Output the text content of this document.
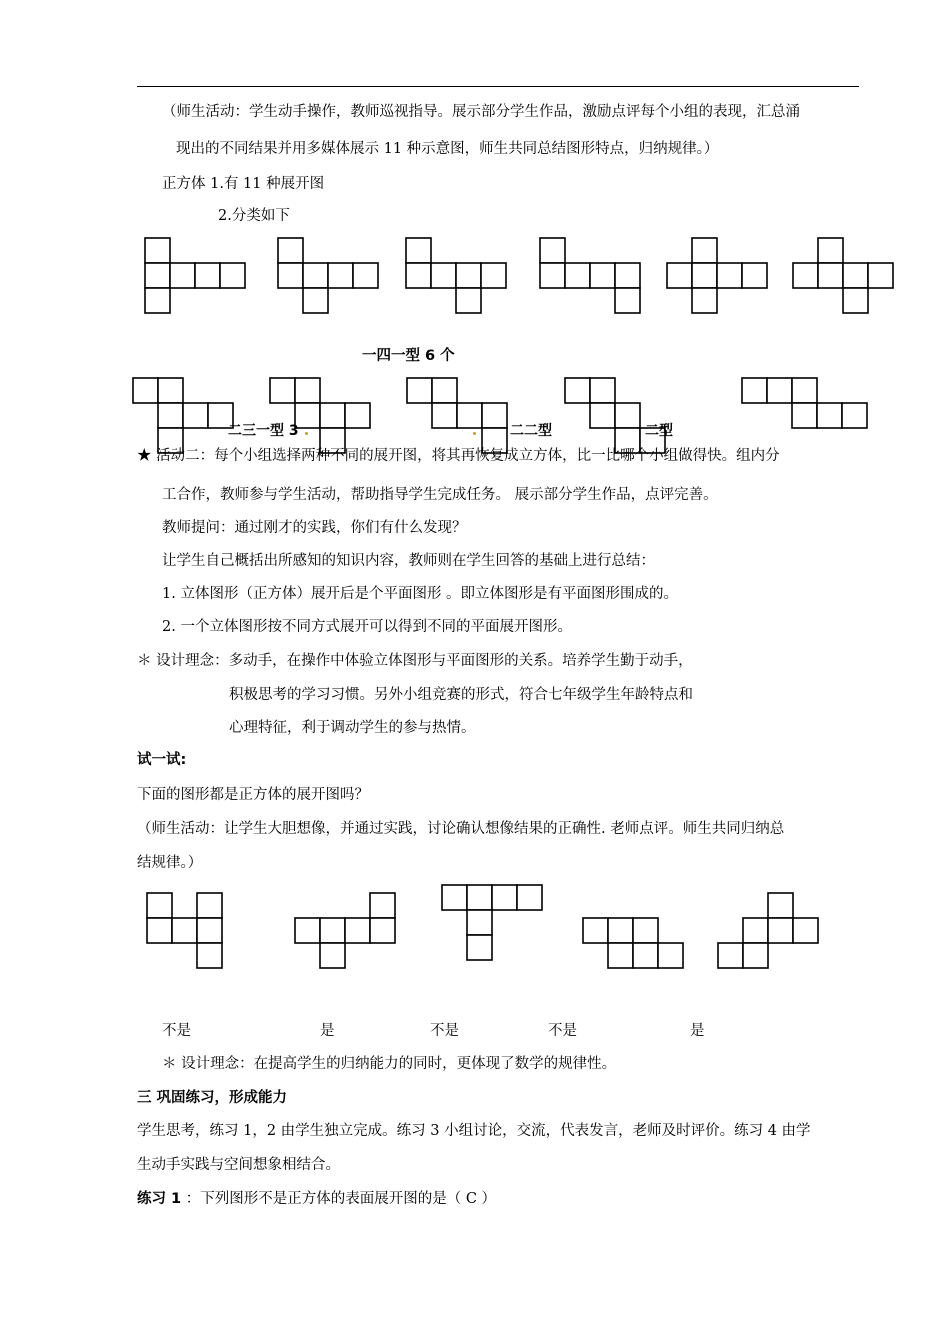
（师生活动：学生动手操作，教师巡视指导。展示部分学生作品，激励点评每个小组的表现，汇总涌
现出的不同结果并用多媒体展示 11 种示意图，师生共同总结图形特点，归纳规律。）
正方体 1.有 11 种展开图
2.分类如下
一四一型 6 个
二三一型 3	二二型	二型
★ 活动二：每个小组选择两种不同的展开图，将其再恢复成立方体，比一比哪个小组做得快。组内分
工合作，教师参与学生活动，帮助指导学生完成任务。 展示部分学生作品，点评完善。
教师提问：通过刚才的实践，你们有什么发现？
让学生自己概括出所感知的知识内容，教师则在学生回答的基础上进行总结：
1. 立体图形（正方体）展开后是个平面图形 。即立体图形是有平面图形围成的。
2. 一个立体图形按不同方式展开可以得到不同的平面展开图形。
＊ 设计理念：多动手，在操作中体验立体图形与平面图形的关系。培养学生勤于动手，
积极思考的学习习惯。另外小组竞赛的形式，符合七年级学生年龄特点和
心理特征，利于调动学生的参与热情。
试一试:
下面的图形都是正方体的展开图吗？
（师生活动：让学生大胆想像，并通过实践，讨论确认想像结果的正确性. 老师点评。师生共同归纳总
结规律。）
不是	是	不是	不是	是
＊ 设计理念：在提高学生的归纳能力的同时，更体现了数学的规律性。
三 巩固练习，形成能力
学生思考，练习 1，2 由学生独立完成。练习 3 小组讨论，交流，代表发言，老师及时评价。练习 4 由学
生动手实践与空间想象相结合。
练习 1 ：下列图形不是正方体的表面展开图的是（ C ）
